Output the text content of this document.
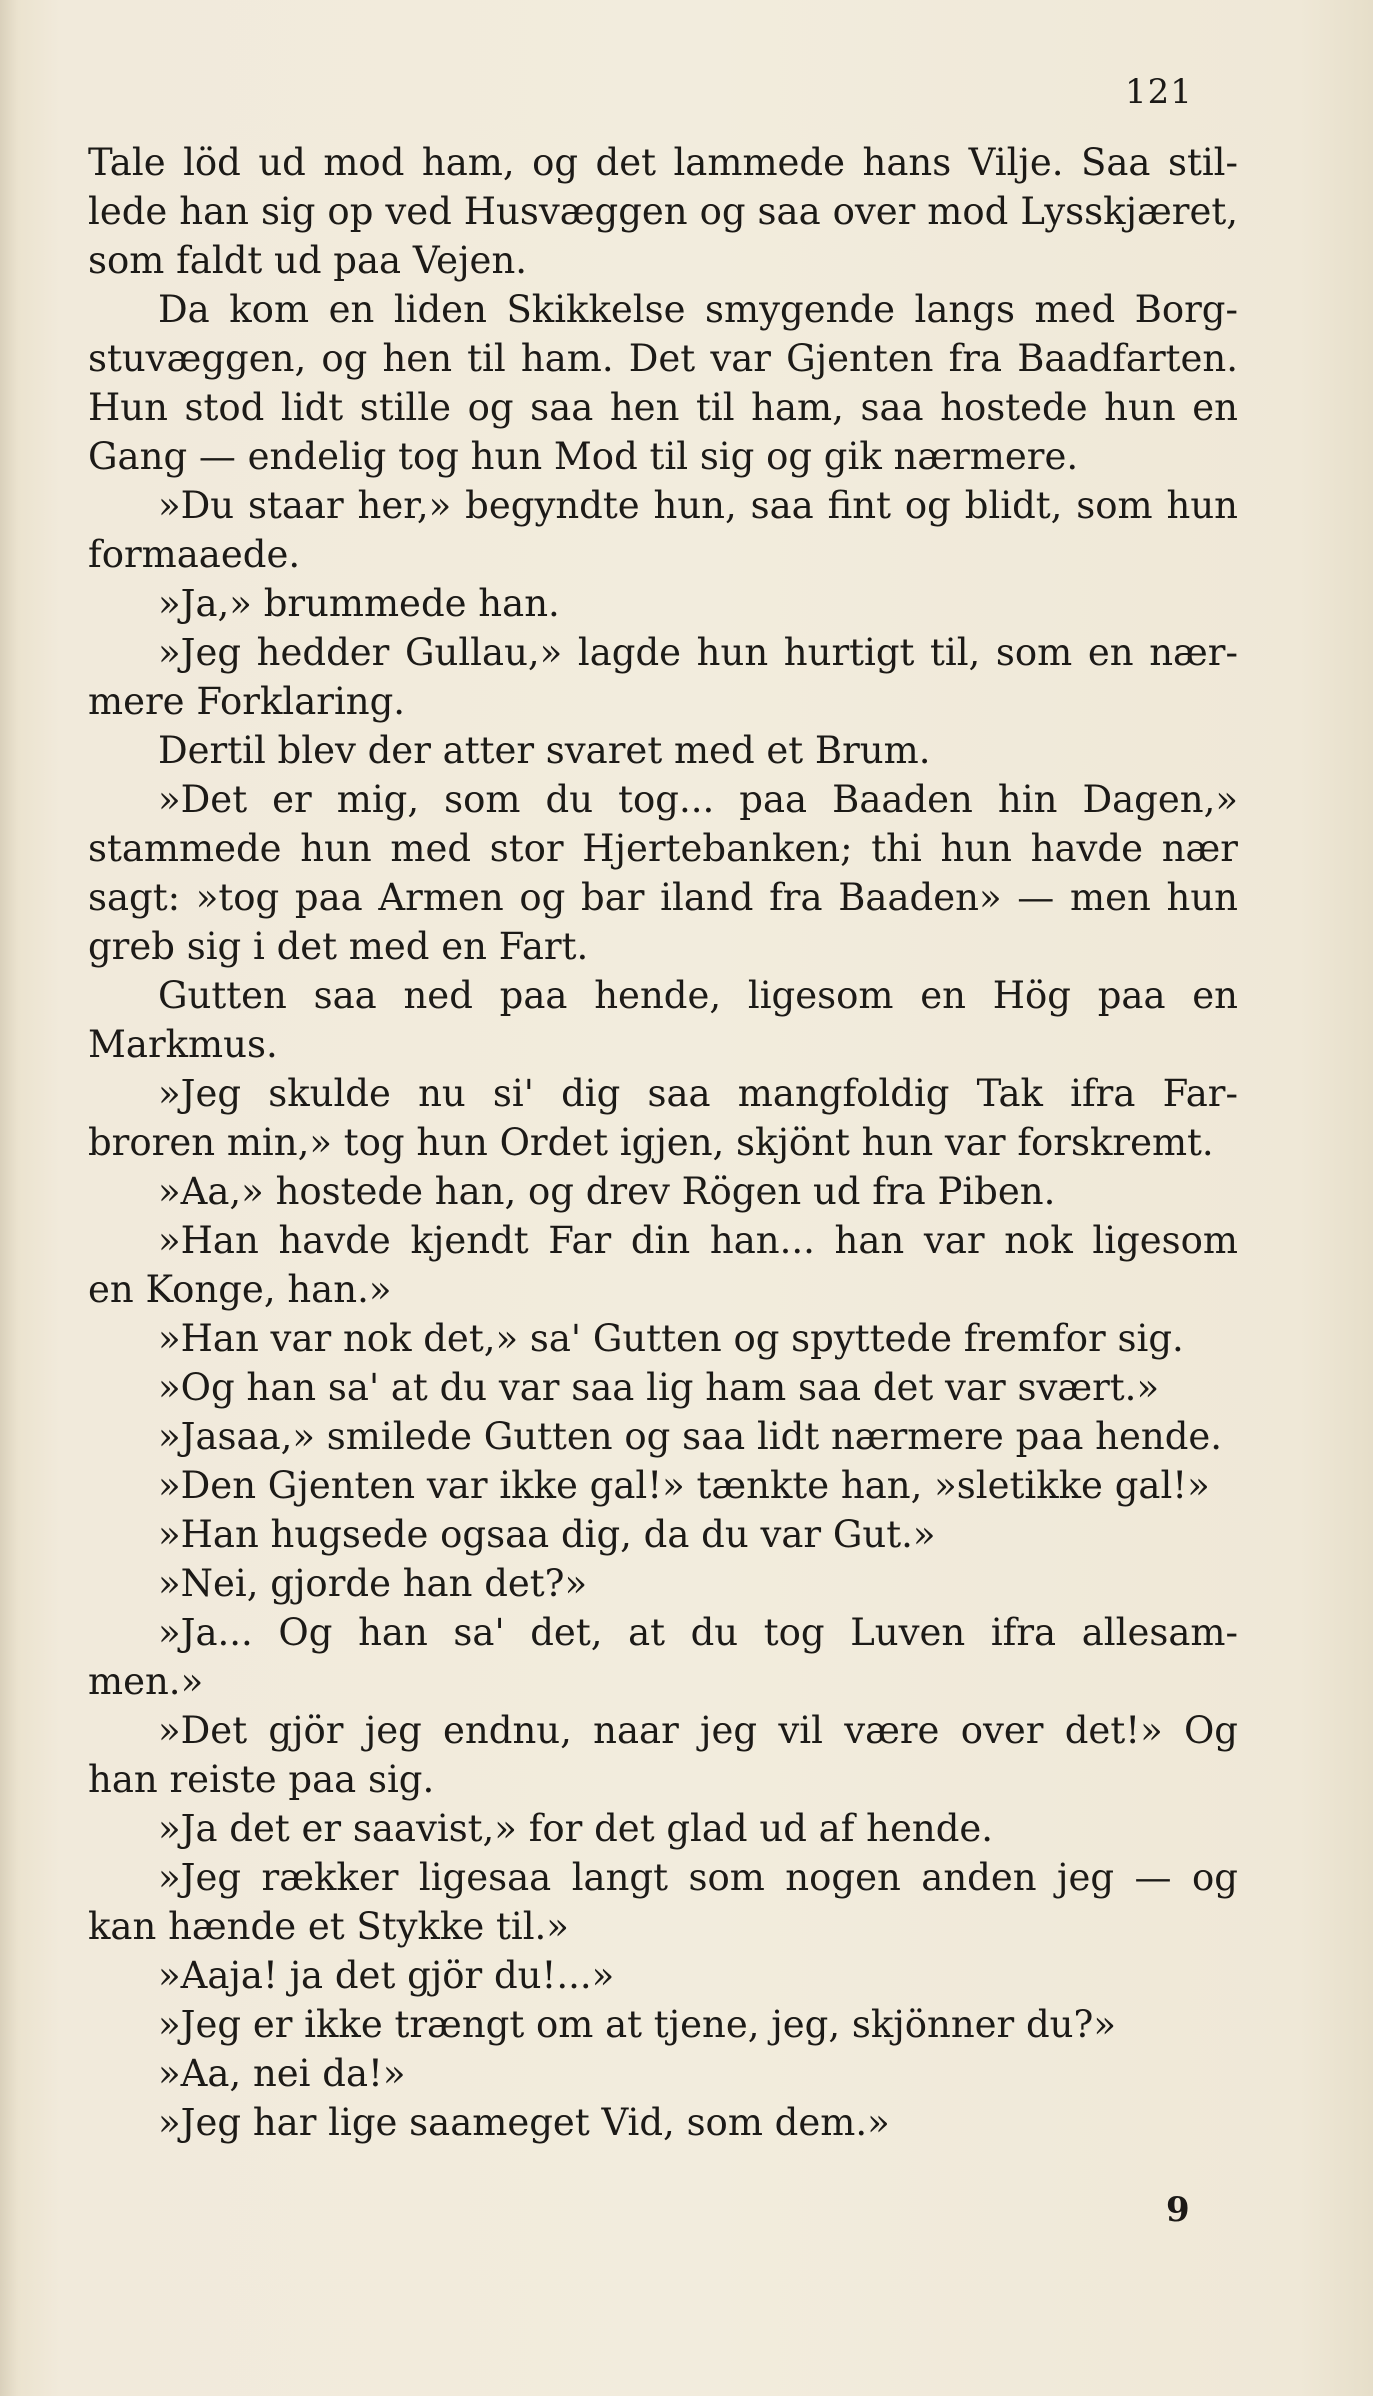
121
Tale löd ud mod ham, og det lammede hans Vilje. Saa stil-
lede han sig op ved Husvæggen og saa over mod Lysskjæret,
som faldt ud paa Vejen.
Da kom en liden Skikkelse smygende langs med Borg-
stuvæggen, og hen til ham. Det var Gjenten fra Baadfarten.
Hun stod lidt stille og saa hen til ham, saa hostede hun en
Gang — endelig tog hun Mod til sig og gik nærmere.
»Du staar her,» begyndte hun, saa fint og blidt, som hun
formaaede.
»Ja,» brummede han.
»Jeg hedder Gullau,» lagde hun hurtigt til, som en nær-
mere Forklaring.
Dertil blev der atter svaret med et Brum.
»Det er mig, som du tog... paa Baaden hin Dagen,»
stammede hun med stor Hjertebanken; thi hun havde nær
sagt: »tog paa Armen og bar iland fra Baaden» — men hun
greb sig i det med en Fart.
Gutten saa ned paa hende, ligesom en Hög paa en
Markmus.
»Jeg skulde nu si' dig saa mangfoldig Tak ifra Far-
broren min,» tog hun Ordet igjen, skjönt hun var forskremt.
»Aa,» hostede han, og drev Rögen ud fra Piben.
»Han havde kjendt Far din han... han var nok ligesom
en Konge, han.»
»Han var nok det,» sa' Gutten og spyttede fremfor sig.
»Og han sa' at du var saa lig ham saa det var svært.»
»Jasaa,» smilede Gutten og saa lidt nærmere paa hende.
»Den Gjenten var ikke gal!» tænkte han, »sletikke gal!»
»Han hugsede ogsaa dig, da du var Gut.»
»Nei, gjorde han det?»
»Ja... Og han sa' det, at du tog Luven ifra allesam-
men.»
»Det gjör jeg endnu, naar jeg vil være over det!» Og
han reiste paa sig.
»Ja det er saavist,» for det glad ud af hende.
»Jeg rækker ligesaa langt som nogen anden jeg — og
kan hænde et Stykke til.»
»Aaja! ja det gjör du!...»
»Jeg er ikke trængt om at tjene, jeg, skjönner du?»
»Aa, nei da!»
»Jeg har lige saameget Vid, som dem.»
9
